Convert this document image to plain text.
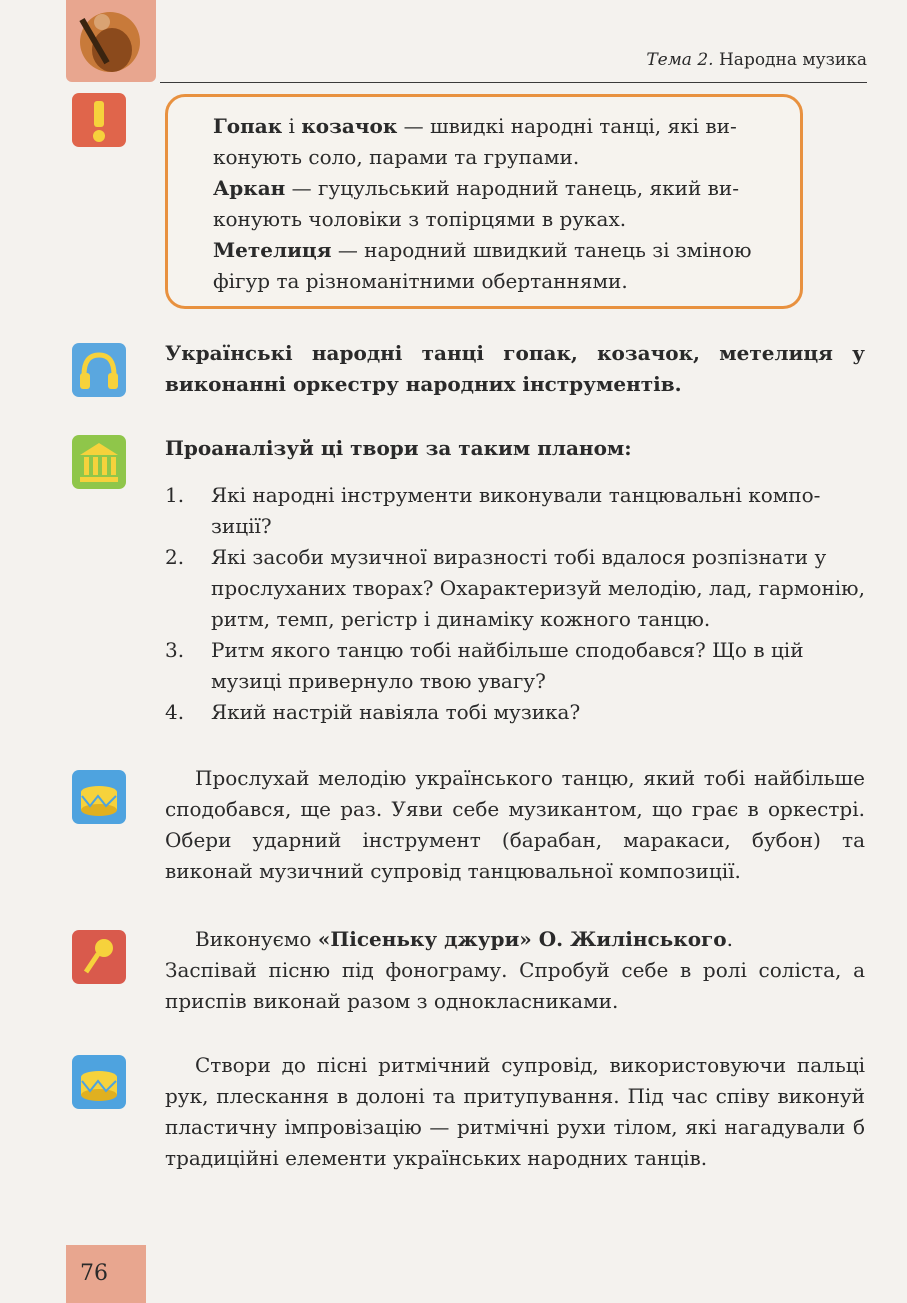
Тема 2. Народна музика

Гопак і козачок — швидкі народні танці, які виконують соло, парами та групами.

Аркан — гуцульський народний танець, який виконують чоловіки з топірцями в руках.

Метелиця — народний швидкий танець зі зміною фігур та різноманітними обертаннями.

Українські народні танці гопак, козачок, метелиця у виконанні оркестру народних інструментів.

Проаналізуй ці твори за таким планом:

1. Які народні інструменти виконували танцювальні композиції?
2. Які засоби музичної виразності тобі вдалося розпізнати у прослуханих творах? Охарактеризуй мелодію, лад, гармонію, ритм, темп, регістр і динаміку кожного танцю.
3. Ритм якого танцю тобі найбільше сподобався? Що в цій музиці привернуло твою увагу?
4. Який настрій навіяла тобі музика?

Прослухай мелодію українського танцю, який тобі найбільше сподобався, ще раз. Уяви себе музикантом, що грає в оркестрі. Обери ударний інструмент (барабан, маракаси, бубон) та виконай музичний супровід танцювальної композиції.

Виконуємо «Пісеньку джури» О. Жилінського.

Заспівай пісню під фонограму. Спробуй себе в ролі соліста, а приспів виконай разом з однокласниками.

Створи до пісні ритмічний супровід, використовуючи пальці рук, плескання в долоні та притупування. Під час співу виконуй пластичну імпровізацію — ритмічні рухи тілом, які нагадували б традиційні елементи українських народних танців.

76
